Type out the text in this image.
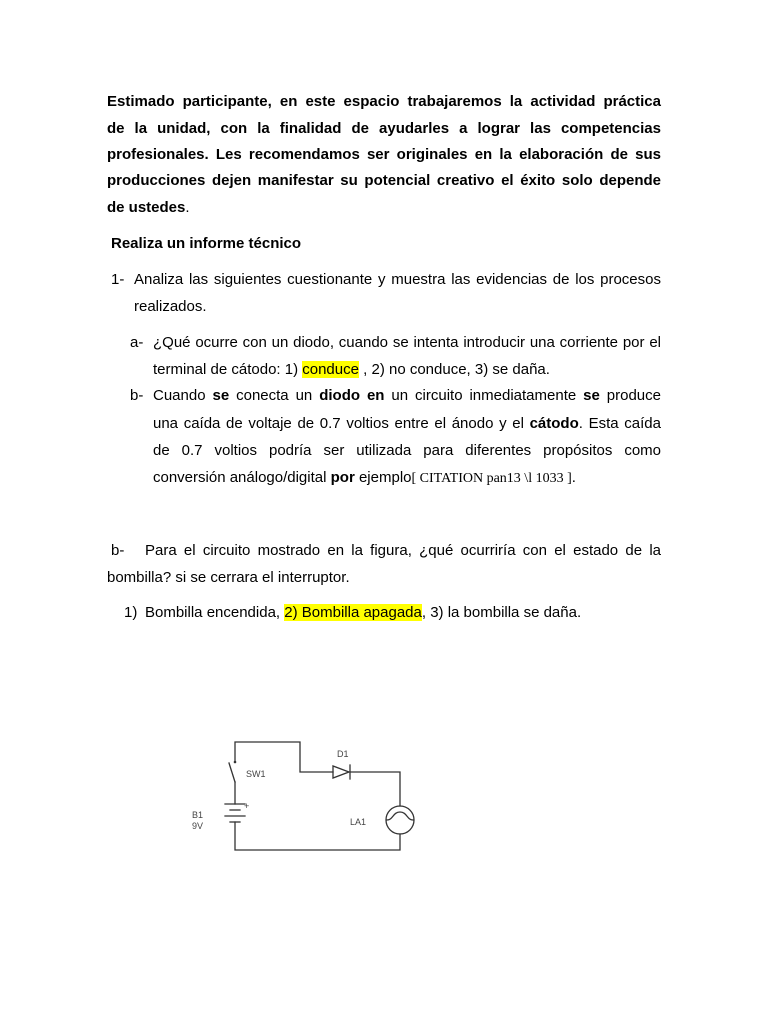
Estimado participante, en este espacio trabajaremos la actividad práctica
de la unidad, con la finalidad de ayudarles a lograr las competencias
profesionales. Les recomendamos ser originales en la elaboración de sus
producciones dejen manifestar su potencial creativo el éxito solo depende
de ustedes.
Realiza un informe técnico
1- Analiza las siguientes cuestionante y muestra las evidencias de los procesos
realizados.
a- ¿Qué ocurre con un diodo, cuando se intenta introducir una corriente por el
terminal de cátodo: 1) conduce , 2) no conduce, 3) se daña.
b- Cuando se conecta un diodo en un circuito inmediatamente se produce
una caída de voltaje de 0.7 voltios entre el ánodo y el cátodo. Esta caída
de 0.7 voltios podría ser utilizada para diferentes propósitos como
conversión análogo/digital por ejemplo[ CITATION pan13 \l 1033 ].
b- Para el circuito mostrado en la figura, ¿qué ocurriría con el estado de la
bombilla? si se cerrara el interruptor.
1) Bombilla encendida, 2) Bombilla apagada, 3) la bombilla se daña.
SW1
+
B1
9V
D1
LA1
